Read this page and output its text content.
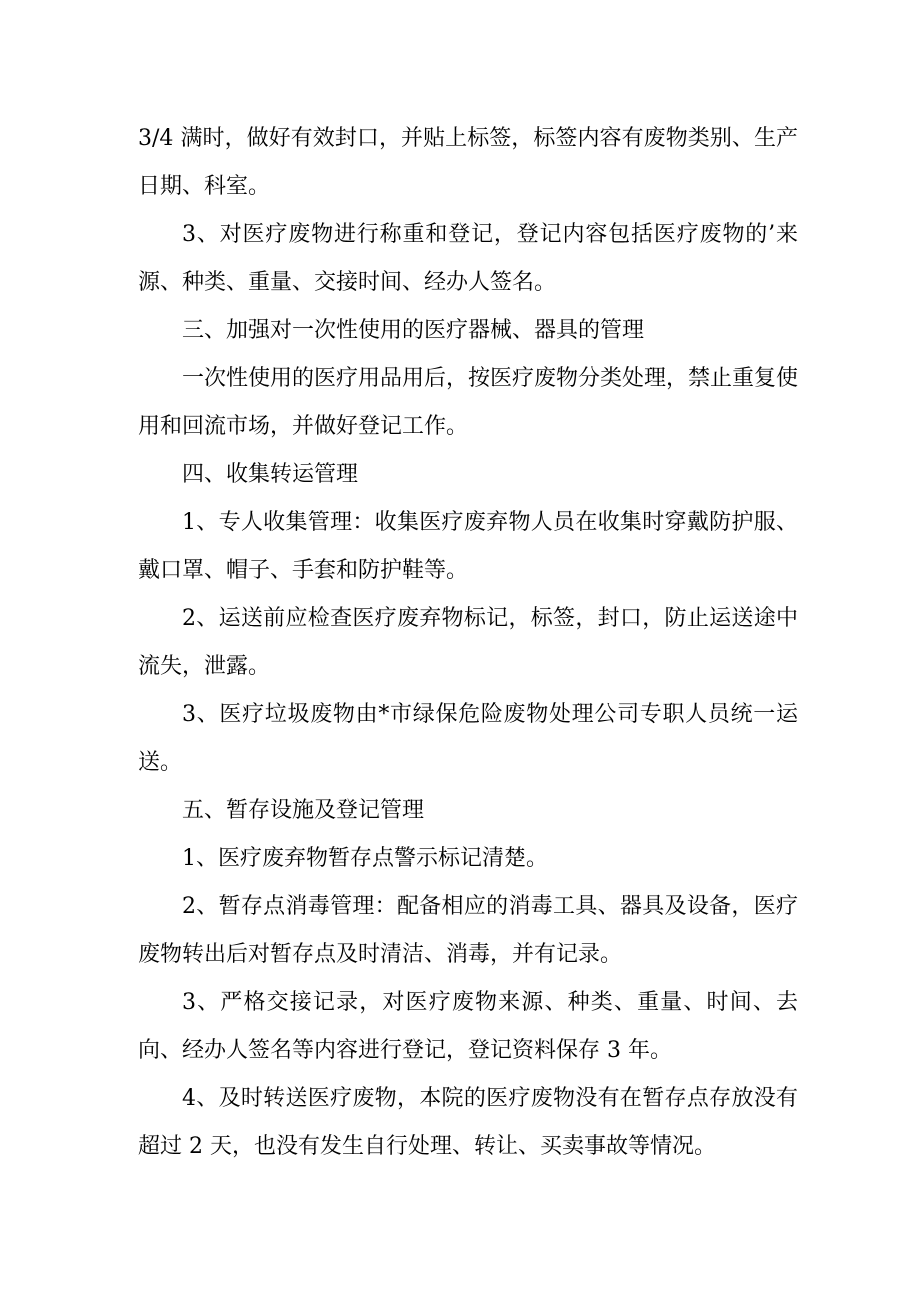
3/4 满时，做好有效封口，并贴上标签，标签内容有废物类别、生产日期、科室。

3、对医疗废物进行称重和登记，登记内容包括医疗废物的’来源、种类、重量、交接时间、经办人签名。

三、加强对一次性使用的医疗器械、器具的管理

一次性使用的医疗用品用后，按医疗废物分类处理，禁止重复使用和回流市场，并做好登记工作。

四、收集转运管理

1、专人收集管理：收集医疗废弃物人员在收集时穿戴防护服、戴口罩、帽子、手套和防护鞋等。

2、运送前应检查医疗废弃物标记，标签，封口，防止运送途中流失，泄露。

3、医疗垃圾废物由*市绿保危险废物处理公司专职人员统一运送。

五、暂存设施及登记管理

1、医疗废弃物暂存点警示标记清楚。

2、暂存点消毒管理：配备相应的消毒工具、器具及设备，医疗废物转出后对暂存点及时清洁、消毒，并有记录。

3、严格交接记录，对医疗废物来源、种类、重量、时间、去向、经办人签名等内容进行登记，登记资料保存 3 年。

4、及时转送医疗废物，本院的医疗废物没有在暂存点存放没有超过 2 天，也没有发生自行处理、转让、买卖事故等情况。
